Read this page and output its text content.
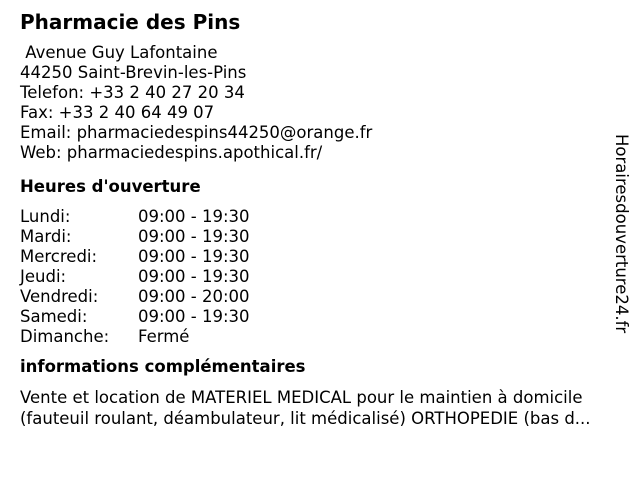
Pharmacie des Pins
Avenue Guy Lafontaine
44250 Saint-Brevin-les-Pins
Telefon: +33 2 40 27 20 34
Fax: +33 2 40 64 49 07
Email: pharmaciedespins44250@orange.fr
Web: pharmaciedespins.apothical.fr/
Heures d'ouverture
Lundi:	09:00 - 19:30
Mardi:	09:00 - 19:30
Mercredi:	09:00 - 19:30
Jeudi:	09:00 - 19:30
Vendredi:	09:00 - 20:00
Samedi:	09:00 - 19:30
Dimanche:	Fermé
informations complémentaires
Vente et location de MATERIEL MEDICAL pour le maintien à domicile
(fauteuil roulant, déambulateur, lit médicalisé) ORTHOPEDIE (bas d...
Horairesdouverture24.fr
